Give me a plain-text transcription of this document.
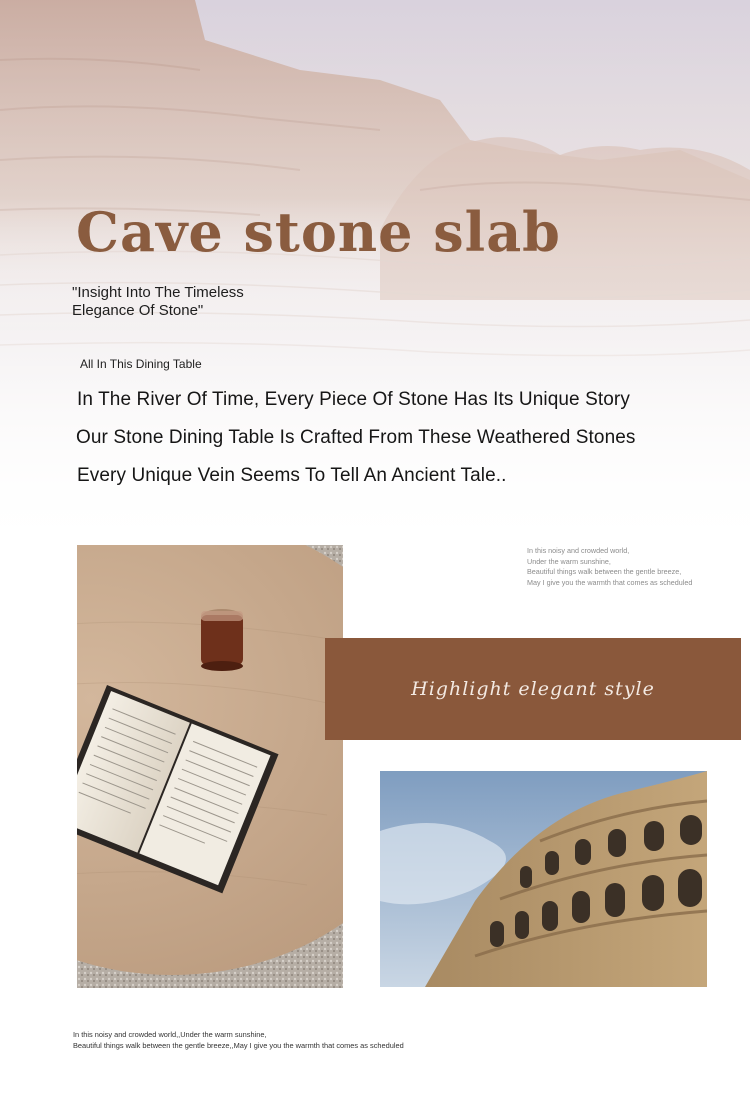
Cave stone slab
"Insight Into The Timeless
Elegance Of Stone"
All In This Dining Table
In The River Of Time, Every Piece Of Stone Has Its Unique Story
Our Stone Dining Table Is Crafted From These Weathered Stones
Every Unique Vein Seems To Tell An Ancient Tale..
In this noisy and crowded world,
Under the warm sunshine,
Beautiful things walk between the gentle breeze,
May I give you the warmth that comes as scheduled
Highlight elegant style
In this noisy and crowded world,,Under the warm sunshine,
Beautiful things walk between the gentle breeze,,May I give you the warmth that comes as scheduled
